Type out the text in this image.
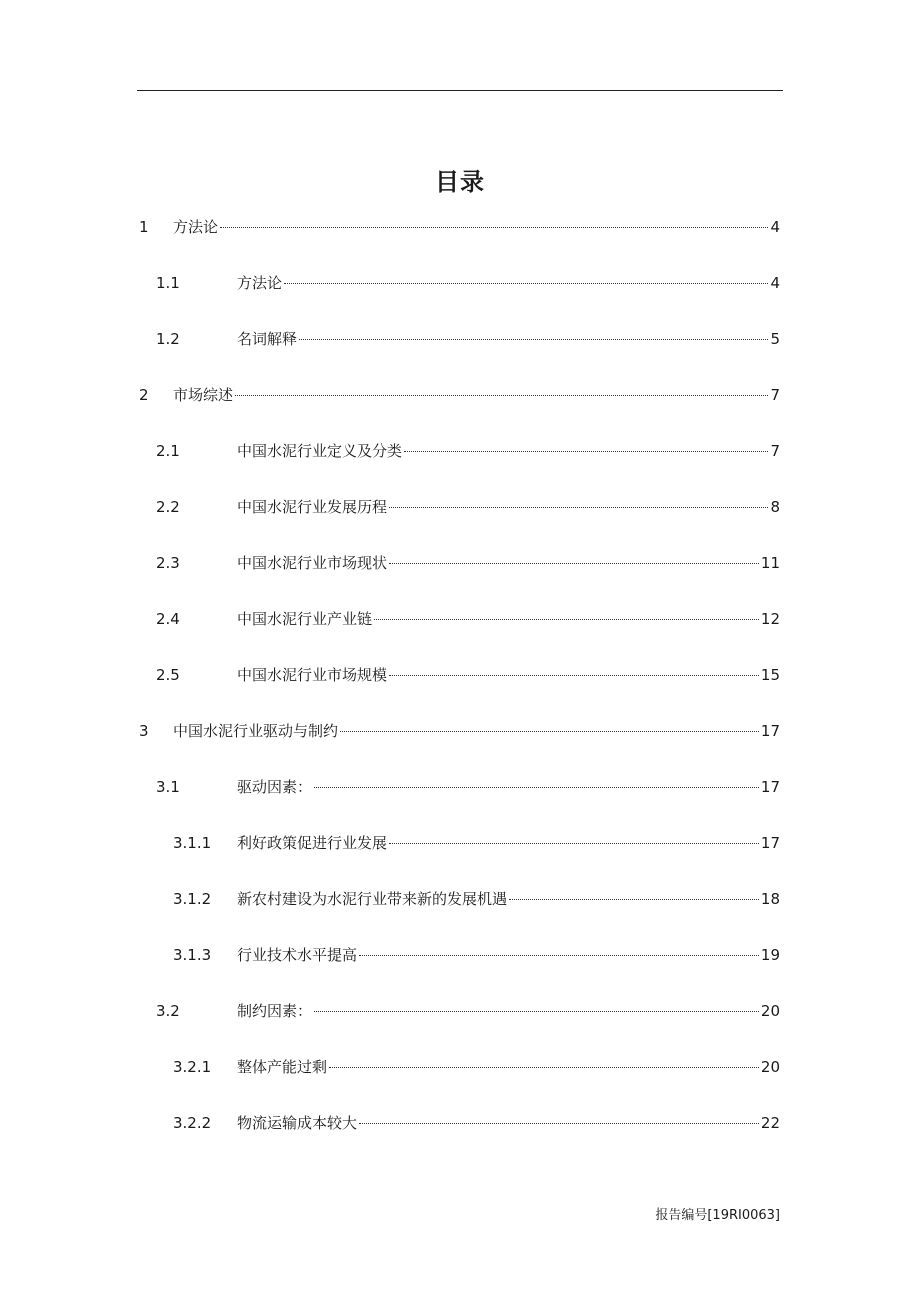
目录
1	方法论	4
1.1	方法论	4
1.2	名词解释	5
2	市场综述	7
2.1	中国水泥行业定义及分类	7
2.2	中国水泥行业发展历程	8
2.3	中国水泥行业市场现状	11
2.4	中国水泥行业产业链	12
2.5	中国水泥行业市场规模	15
3	中国水泥行业驱动与制约	17
3.1	驱动因素：	17
3.1.1	利好政策促进行业发展	17
3.1.2	新农村建设为水泥行业带来新的发展机遇	18
3.1.3	行业技术水平提高	19
3.2	制约因素：	20
3.2.1	整体产能过剩	20
3.2.2	物流运输成本较大	22
报告编号[19RI0063]
